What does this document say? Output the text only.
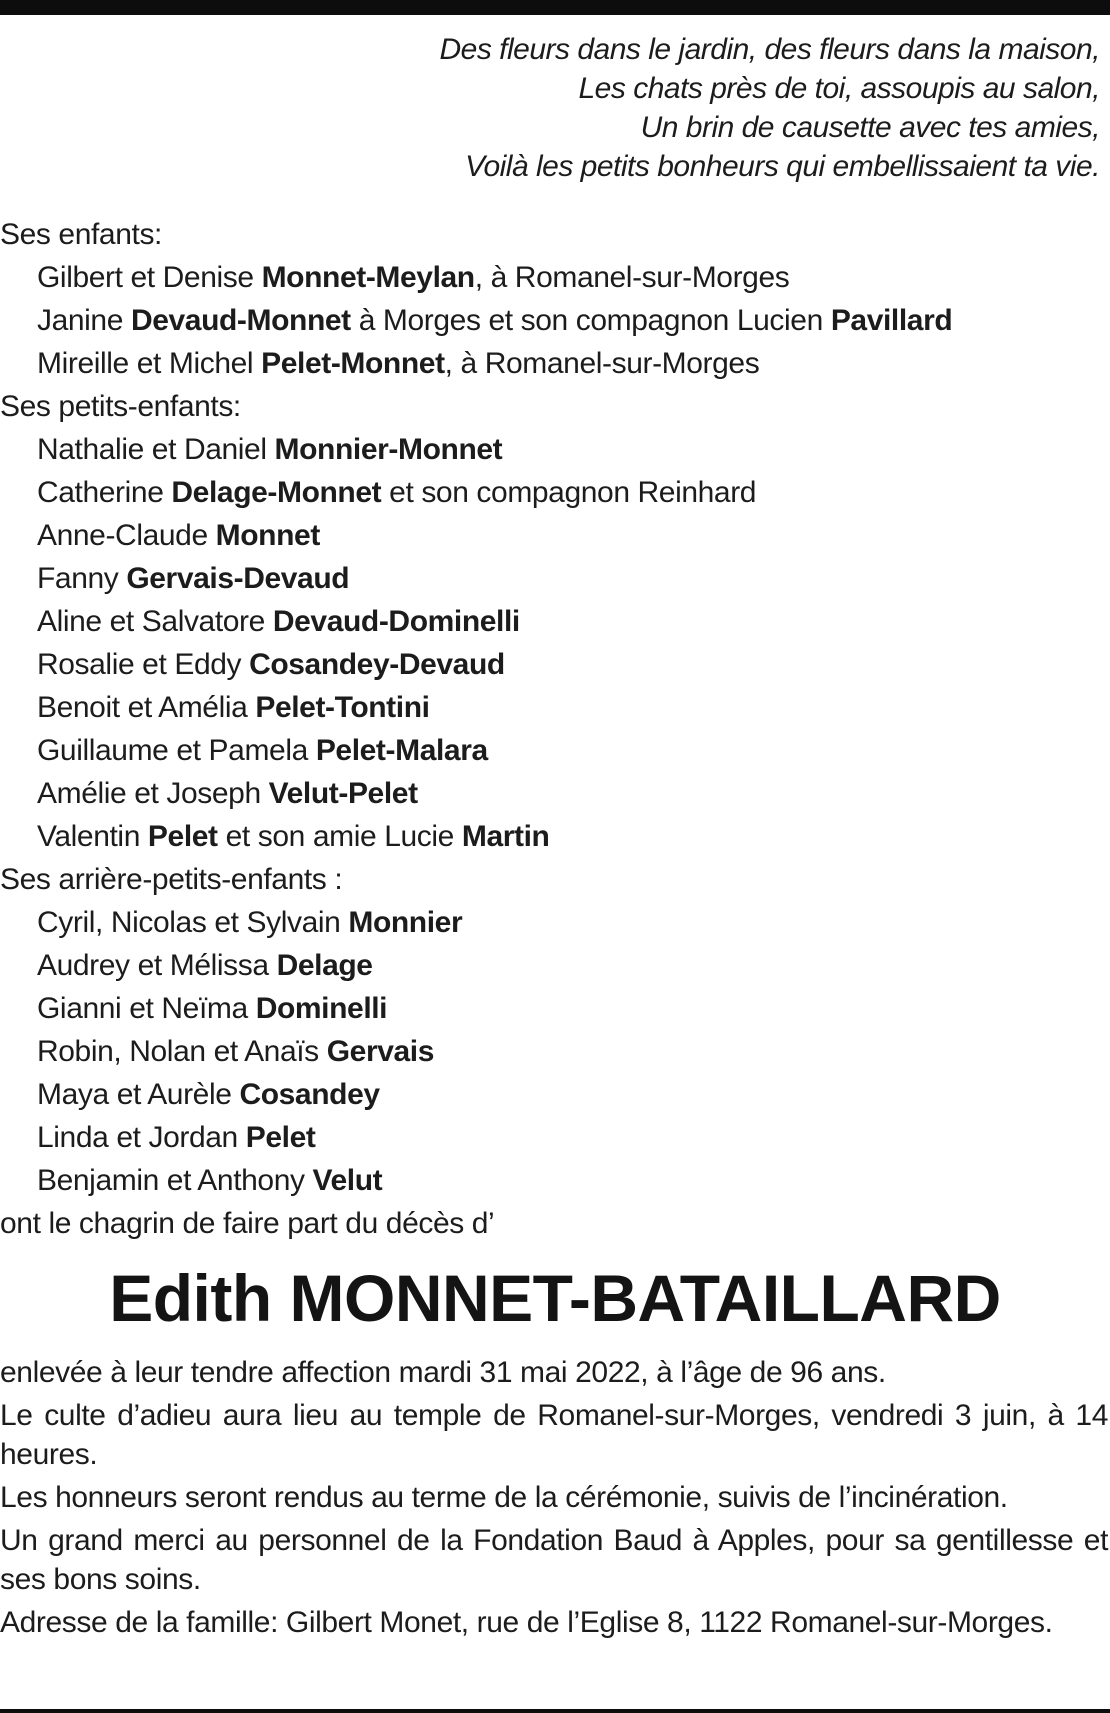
Des fleurs dans le jardin, des fleurs dans la maison,
Les chats près de toi, assoupis au salon,
Un brin de causette avec tes amies,
Voilà les petits bonheurs qui embellissaient ta vie.
Ses enfants:
Gilbert et Denise Monnet-Meylan, à Romanel-sur-Morges
Janine Devaud-Monnet à Morges et son compagnon Lucien Pavillard
Mireille et Michel Pelet-Monnet, à Romanel-sur-Morges
Ses petits-enfants:
Nathalie et Daniel Monnier-Monnet
Catherine Delage-Monnet et son compagnon Reinhard
Anne-Claude Monnet
Fanny Gervais-Devaud
Aline et Salvatore Devaud-Dominelli
Rosalie et Eddy Cosandey-Devaud
Benoit et Amélia Pelet-Tontini
Guillaume et Pamela Pelet-Malara
Amélie et Joseph Velut-Pelet
Valentin Pelet et son amie Lucie Martin
Ses arrière-petits-enfants :
Cyril, Nicolas et Sylvain Monnier
Audrey et Mélissa Delage
Gianni et Neïma Dominelli
Robin, Nolan et Anaïs Gervais
Maya et Aurèle Cosandey
Linda et Jordan Pelet
Benjamin et Anthony Velut
ont le chagrin de faire part du décès d’
Edith MONNET-BATAILLARD

enlevée à leur tendre affection mardi 31 mai 2022, à l’âge de 96 ans.

Le culte d’adieu aura lieu au temple de Romanel-sur-Morges, vendredi 3 juin, à 14 heures.

Les honneurs seront rendus au terme de la cérémonie, suivis de l’incinération.

Un grand merci au personnel de la Fondation Baud à Apples, pour sa gentillesse et ses bons soins.

Adresse de la famille: Gilbert Monet, rue de l’Eglise 8, 1122 Romanel-sur-Morges.
